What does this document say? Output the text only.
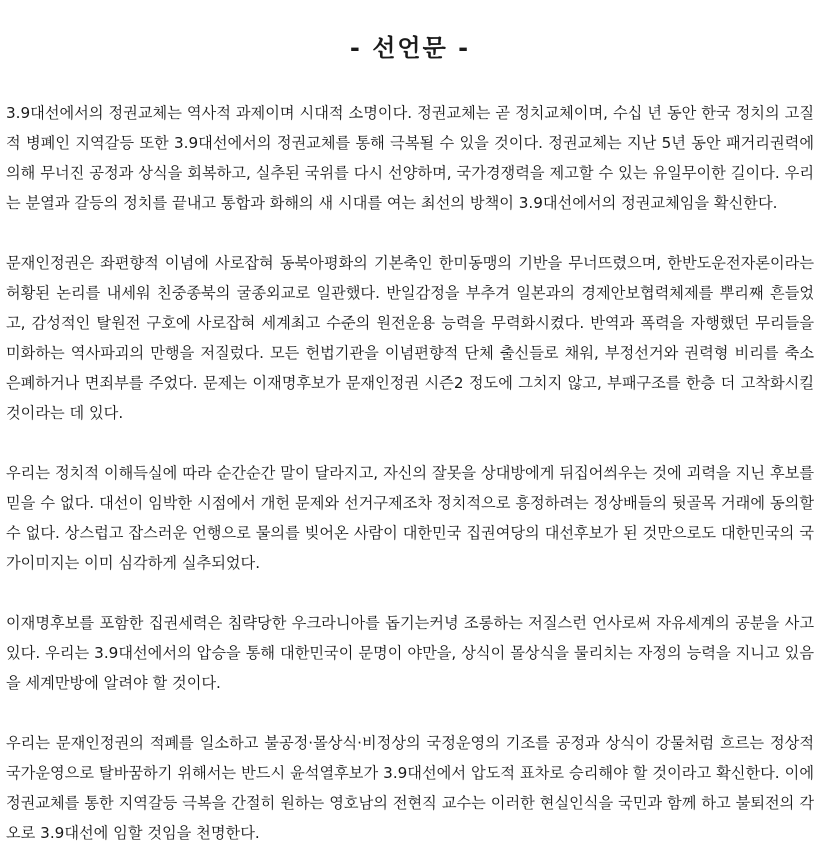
- 선언문 -

3.9대선에서의 정권교체는 역사적 과제이며 시대적 소명이다. 정권교체는 곧 정치교체이며, 수십 년 동안 한국 정치의 고질적 병폐인 지역갈등 또한 3.9대선에서의 정권교체를 통해 극복될 수 있을 것이다. 정권교체는 지난 5년 동안 패거리권력에 의해 무너진 공정과 상식을 회복하고, 실추된 국위를 다시 선양하며, 국가경쟁력을 제고할 수 있는 유일무이한 길이다. 우리는 분열과 갈등의 정치를 끝내고 통합과 화해의 새 시대를 여는 최선의 방책이 3.9대선에서의 정권교체임을 확신한다.

문재인정권은 좌편향적 이념에 사로잡혀 동북아평화의 기본축인 한미동맹의 기반을 무너뜨렸으며, 한반도운전자론이라는 허황된 논리를 내세워 친중종북의 굴종외교로 일관했다. 반일감정을 부추겨 일본과의 경제안보협력체제를 뿌리째 흔들었고, 감성적인 탈원전 구호에 사로잡혀 세계최고 수준의 원전운용 능력을 무력화시켰다. 반역과 폭력을 자행했던 무리들을 미화하는 역사파괴의 만행을 저질렀다. 모든 헌법기관을 이념편향적 단체 출신들로 채워, 부정선거와 권력형 비리를 축소 은폐하거나 면죄부를 주었다. 문제는 이재명후보가 문재인정권 시즌2 정도에 그치지 않고, 부패구조를 한층 더 고착화시킬 것이라는 데 있다.

우리는 정치적 이해득실에 따라 순간순간 말이 달라지고, 자신의 잘못을 상대방에게 뒤집어씌우는 것에 괴력을 지닌 후보를 믿을 수 없다. 대선이 임박한 시점에서 개헌 문제와 선거구제조차 정치적으로 흥정하려는 정상배들의 뒷골목 거래에 동의할 수 없다. 상스럽고 잡스러운 언행으로 물의를 빚어온 사람이 대한민국 집권여당의 대선후보가 된 것만으로도 대한민국의 국가이미지는 이미 심각하게 실추되었다.

이재명후보를 포함한 집권세력은 침략당한 우크라니아를 돕기는커녕 조롱하는 저질스런 언사로써 자유세계의 공분을 사고 있다. 우리는 3.9대선에서의 압승을 통해 대한민국이 문명이 야만을, 상식이 몰상식을 물리치는 자정의 능력을 지니고 있음을 세계만방에 알려야 할 것이다.

우리는 문재인정권의 적폐를 일소하고 불공정·몰상식·비정상의 국정운영의 기조를 공정과 상식이 강물처럼 흐르는 정상적 국가운영으로 탈바꿈하기 위해서는 반드시 윤석열후보가 3.9대선에서 압도적 표차로 승리해야 할 것이라고 확신한다. 이에 정권교체를 통한 지역갈등 극복을 간절히 원하는 영호남의 전현직 교수는 이러한 현실인식을 국민과 함께 하고 불퇴전의 각오로 3.9대선에 임할 것임을 천명한다.
